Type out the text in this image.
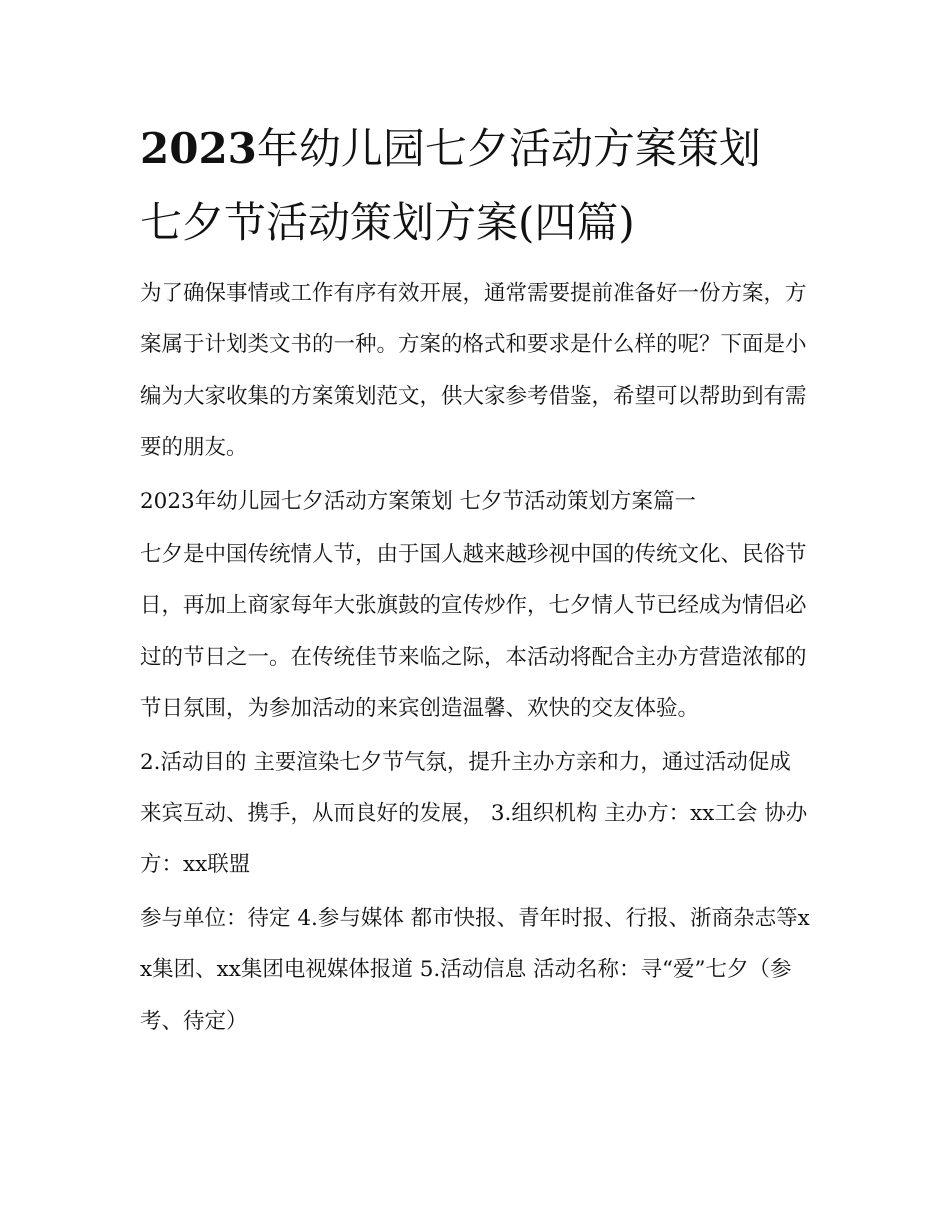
2023年幼儿园七夕活动方案策划 七夕节活动策划方案(四篇)

为了确保事情或工作有序有效开展，通常需要提前准备好一份方案，方案属于计划类文书的一种。方案的格式和要求是什么样的呢？下面是小编为大家收集的方案策划范文，供大家参考借鉴，希望可以帮助到有需要的朋友。

2023年幼儿园七夕活动方案策划 七夕节活动策划方案篇一

七夕是中国传统情人节，由于国人越来越珍视中国的传统文化、民俗节日，再加上商家每年大张旗鼓的宣传炒作，七夕情人节已经成为情侣必过的节日之一。在传统佳节来临之际，本活动将配合主办方营造浓郁的节日氛围，为参加活动的来宾创造温馨、欢快的交友体验。

2.活动目的 主要渲染七夕节气氛，提升主办方亲和力，通过活动促成来宾互动、携手，从而良好的发展， 3.组织机构 主办方：xx工会 协办方：xx联盟

参与单位：待定 4.参与媒体 都市快报、青年时报、行报、浙商杂志等xx集团、xx集团电视媒体报道 5.活动信息 活动名称：寻“爱”七夕（参考、待定）
